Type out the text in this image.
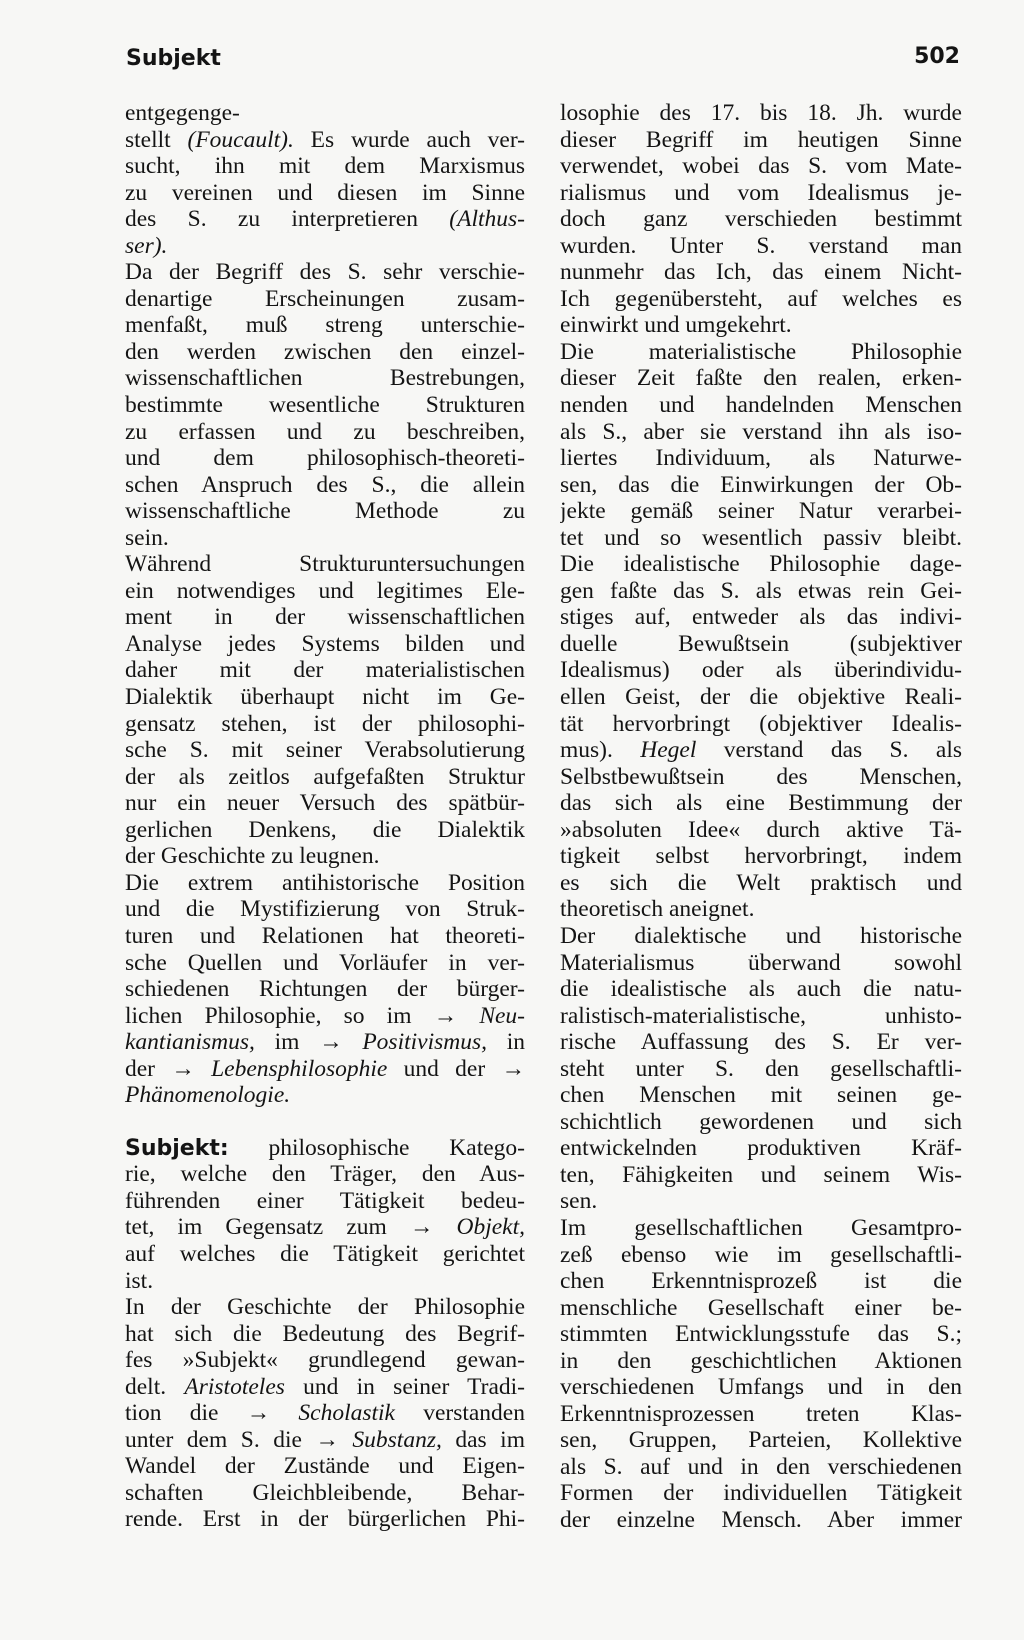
Subjekt	502
entgegenge-
stellt (Foucault). Es wurde auch ver-
sucht, ihn mit dem Marxismus
zu vereinen und diesen im Sinne
des S. zu interpretieren (Althus-
ser).
Da der Begriff des S. sehr verschie-
denartige Erscheinungen zusam-
menfaßt, muß streng unterschie-
den werden zwischen den einzel-
wissenschaftlichen Bestrebungen,
bestimmte wesentliche Strukturen
zu erfassen und zu beschreiben,
und dem philosophisch-theoreti-
schen Anspruch des S., die allein
wissenschaftliche Methode zu
sein.
Während Strukturuntersuchungen
ein notwendiges und legitimes Ele-
ment in der wissenschaftlichen
Analyse jedes Systems bilden und
daher mit der materialistischen
Dialektik überhaupt nicht im Ge-
gensatz stehen, ist der philosophi-
sche S. mit seiner Verabsolutierung
der als zeitlos aufgefaßten Struktur
nur ein neuer Versuch des spätbür-
gerlichen Denkens, die Dialektik
der Geschichte zu leugnen.
Die extrem antihistorische Position
und die Mystifizierung von Struk-
turen und Relationen hat theoreti-
sche Quellen und Vorläufer in ver-
schiedenen Richtungen der bürger-
lichen Philosophie, so im → Neu-
kantianismus, im → Positivismus, in
der → Lebensphilosophie und der →
Phänomenologie.
Subjekt: philosophische Katego-
rie, welche den Träger, den Aus-
führenden einer Tätigkeit bedeu-
tet, im Gegensatz zum → Objekt,
auf welches die Tätigkeit gerichtet
ist.
In der Geschichte der Philosophie
hat sich die Bedeutung des Begrif-
fes »Subjekt« grundlegend gewan-
delt. Aristoteles und in seiner Tradi-
tion die → Scholastik verstanden
unter dem S. die → Substanz, das im
Wandel der Zustände und Eigen-
schaften Gleichbleibende, Behar-
rende. Erst in der bürgerlichen Phi-
losophie des 17. bis 18. Jh. wurde
dieser Begriff im heutigen Sinne
verwendet, wobei das S. vom Mate-
rialismus und vom Idealismus je-
doch ganz verschieden bestimmt
wurden. Unter S. verstand man
nunmehr das Ich, das einem Nicht-
Ich gegenübersteht, auf welches es
einwirkt und umgekehrt.
Die materialistische Philosophie
dieser Zeit faßte den realen, erken-
nenden und handelnden Menschen
als S., aber sie verstand ihn als iso-
liertes Individuum, als Naturwe-
sen, das die Einwirkungen der Ob-
jekte gemäß seiner Natur verarbei-
tet und so wesentlich passiv bleibt.
Die idealistische Philosophie dage-
gen faßte das S. als etwas rein Gei-
stiges auf, entweder als das indivi-
duelle Bewußtsein (subjektiver
Idealismus) oder als überindividu-
ellen Geist, der die objektive Reali-
tät hervorbringt (objektiver Idealis-
mus). Hegel verstand das S. als
Selbstbewußtsein des Menschen,
das sich als eine Bestimmung der
»absoluten Idee« durch aktive Tä-
tigkeit selbst hervorbringt, indem
es sich die Welt praktisch und
theoretisch aneignet.
Der dialektische und historische
Materialismus überwand sowohl
die idealistische als auch die natu-
ralistisch-materialistische, unhisto-
rische Auffassung des S. Er ver-
steht unter S. den gesellschaftli-
chen Menschen mit seinen ge-
schichtlich gewordenen und sich
entwickelnden produktiven Kräf-
ten, Fähigkeiten und seinem Wis-
sen.
Im gesellschaftlichen Gesamtpro-
zeß ebenso wie im gesellschaftli-
chen Erkenntnisprozeß ist die
menschliche Gesellschaft einer be-
stimmten Entwicklungsstufe das S.;
in den geschichtlichen Aktionen
verschiedenen Umfangs und in den
Erkenntnisprozessen treten Klas-
sen, Gruppen, Parteien, Kollektive
als S. auf und in den verschiedenen
Formen der individuellen Tätigkeit
der einzelne Mensch. Aber immer
